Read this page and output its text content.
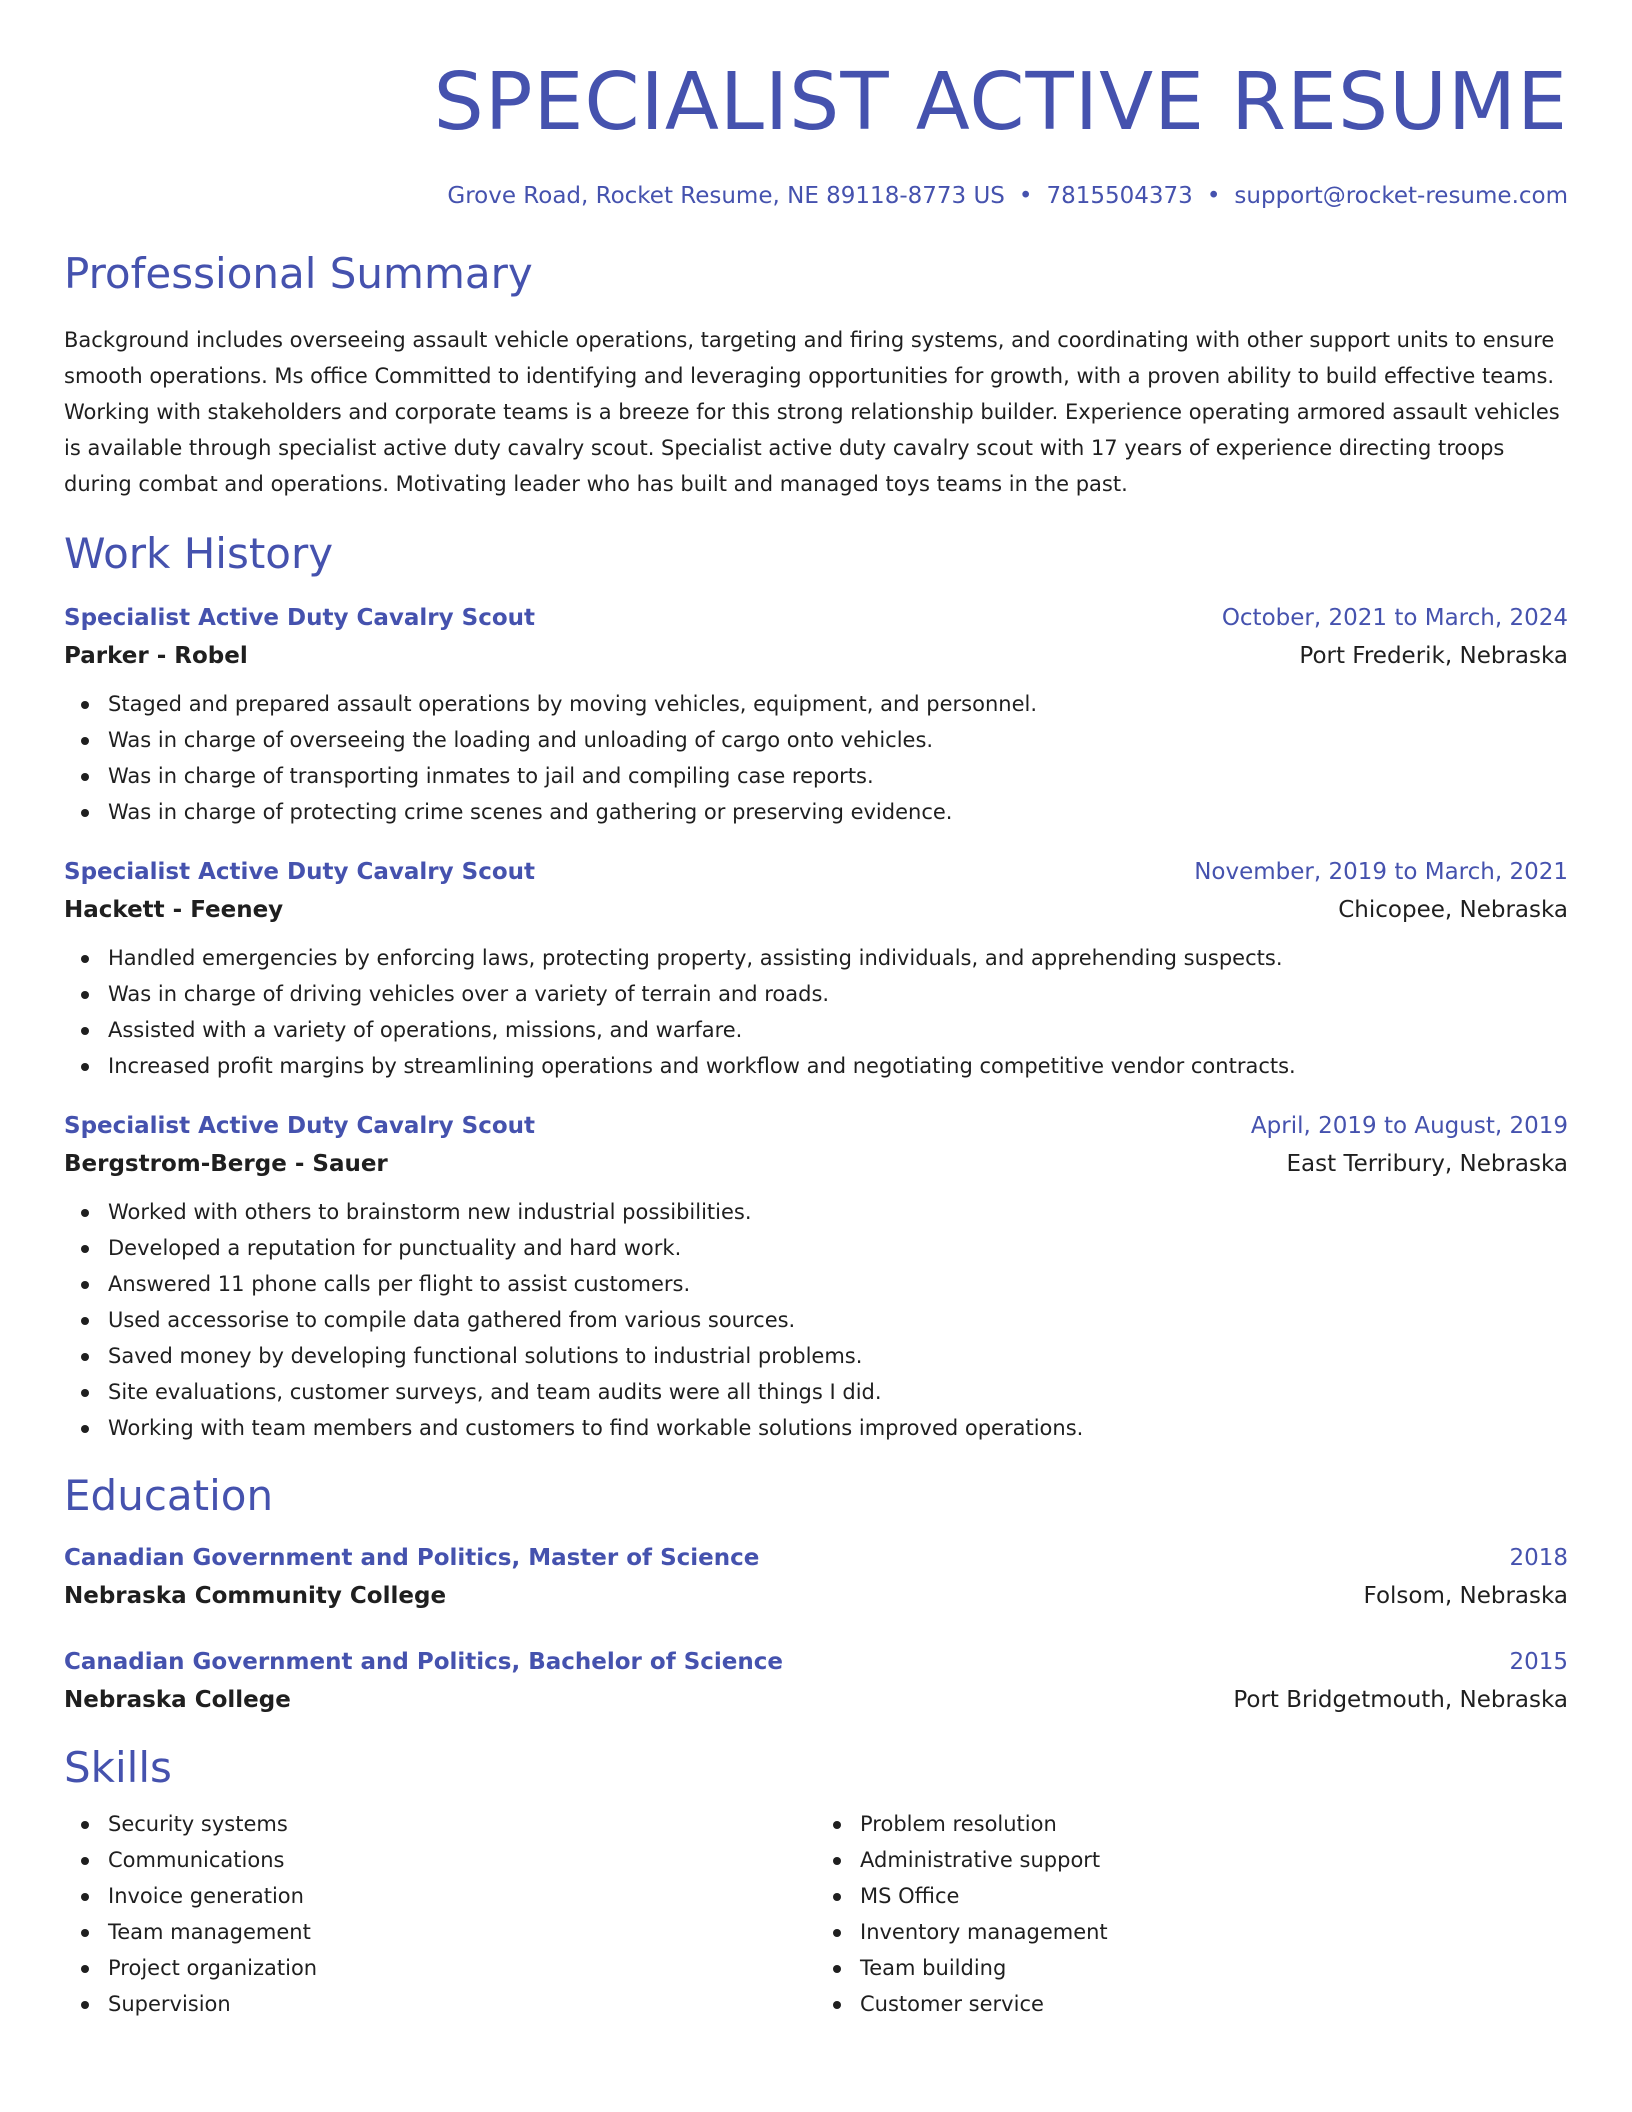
SPECIALIST ACTIVE RESUME
Grove Road, Rocket Resume, NE 89118-8773 US • 7815504373 • support@rocket-resume.com
Professional Summary
Background includes overseeing assault vehicle operations, targeting and firing systems, and coordinating with other support units to ensure smooth operations. Ms office Committed to identifying and leveraging opportunities for growth, with a proven ability to build effective teams. Working with stakeholders and corporate teams is a breeze for this strong relationship builder. Experience operating armored assault vehicles is available through specialist active duty cavalry scout. Specialist active duty cavalry scout with 17 years of experience directing troops during combat and operations. Motivating leader who has built and managed toys teams in the past.
Work History
Specialist Active Duty Cavalry Scout	October, 2021 to March, 2024
Parker - Robel	Port Frederik, Nebraska
Staged and prepared assault operations by moving vehicles, equipment, and personnel.
Was in charge of overseeing the loading and unloading of cargo onto vehicles.
Was in charge of transporting inmates to jail and compiling case reports.
Was in charge of protecting crime scenes and gathering or preserving evidence.
Specialist Active Duty Cavalry Scout	November, 2019 to March, 2021
Hackett - Feeney	Chicopee, Nebraska
Handled emergencies by enforcing laws, protecting property, assisting individuals, and apprehending suspects.
Was in charge of driving vehicles over a variety of terrain and roads.
Assisted with a variety of operations, missions, and warfare.
Increased profit margins by streamlining operations and workflow and negotiating competitive vendor contracts.
Specialist Active Duty Cavalry Scout	April, 2019 to August, 2019
Bergstrom-Berge - Sauer	East Terribury, Nebraska
Worked with others to brainstorm new industrial possibilities.
Developed a reputation for punctuality and hard work.
Answered 11 phone calls per flight to assist customers.
Used accessorise to compile data gathered from various sources.
Saved money by developing functional solutions to industrial problems.
Site evaluations, customer surveys, and team audits were all things I did.
Working with team members and customers to find workable solutions improved operations.
Education
Canadian Government and Politics, Master of Science	2018
Nebraska Community College	Folsom, Nebraska
Canadian Government and Politics, Bachelor of Science	2015
Nebraska College	Port Bridgetmouth, Nebraska
Skills
Security systems
Communications
Invoice generation
Team management
Project organization
Supervision
Problem resolution
Administrative support
MS Office
Inventory management
Team building
Customer service
